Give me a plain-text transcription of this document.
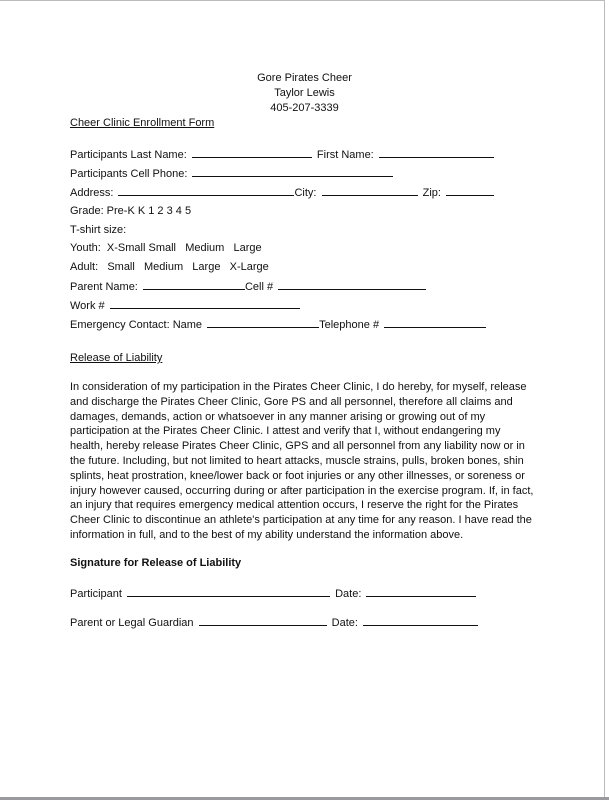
Gore Pirates Cheer
Taylor Lewis
405-207-3339
Cheer Clinic Enrollment Form
Participants Last Name:	First Name:
Participants Cell Phone:
Address:	City:	Zip:
Grade: Pre-K K 1 2 3 4 5
T-shirt size:
Youth: X-Small Small Medium Large
Adult: Small Medium Large X-Large
Parent Name:	Cell #
Work #
Emergency Contact: Name	Telephone #
Release of Liability
In consideration of my participation in the Pirates Cheer Clinic, I do hereby, for myself, release
and discharge the Pirates Cheer Clinic, Gore PS and all personnel, therefore all claims and
damages, demands, action or whatsoever in any manner arising or growing out of my
participation at the Pirates Cheer Clinic. I attest and verify that I, without endangering my
health, hereby release Pirates Cheer Clinic, GPS and all personnel from any liability now or in
the future. Including, but not limited to heart attacks, muscle strains, pulls, broken bones, shin
splints, heat prostration, knee/lower back or foot injuries or any other illnesses, or soreness or
injury however caused, occurring during or after participation in the exercise program. If, in fact,
an injury that requires emergency medical attention occurs, I reserve the right for the Pirates
Cheer Clinic to discontinue an athlete's participation at any time for any reason. I have read the
information in full, and to the best of my ability understand the information above.
Signature for Release of Liability
Participant	Date:
Parent or Legal Guardian	Date:
